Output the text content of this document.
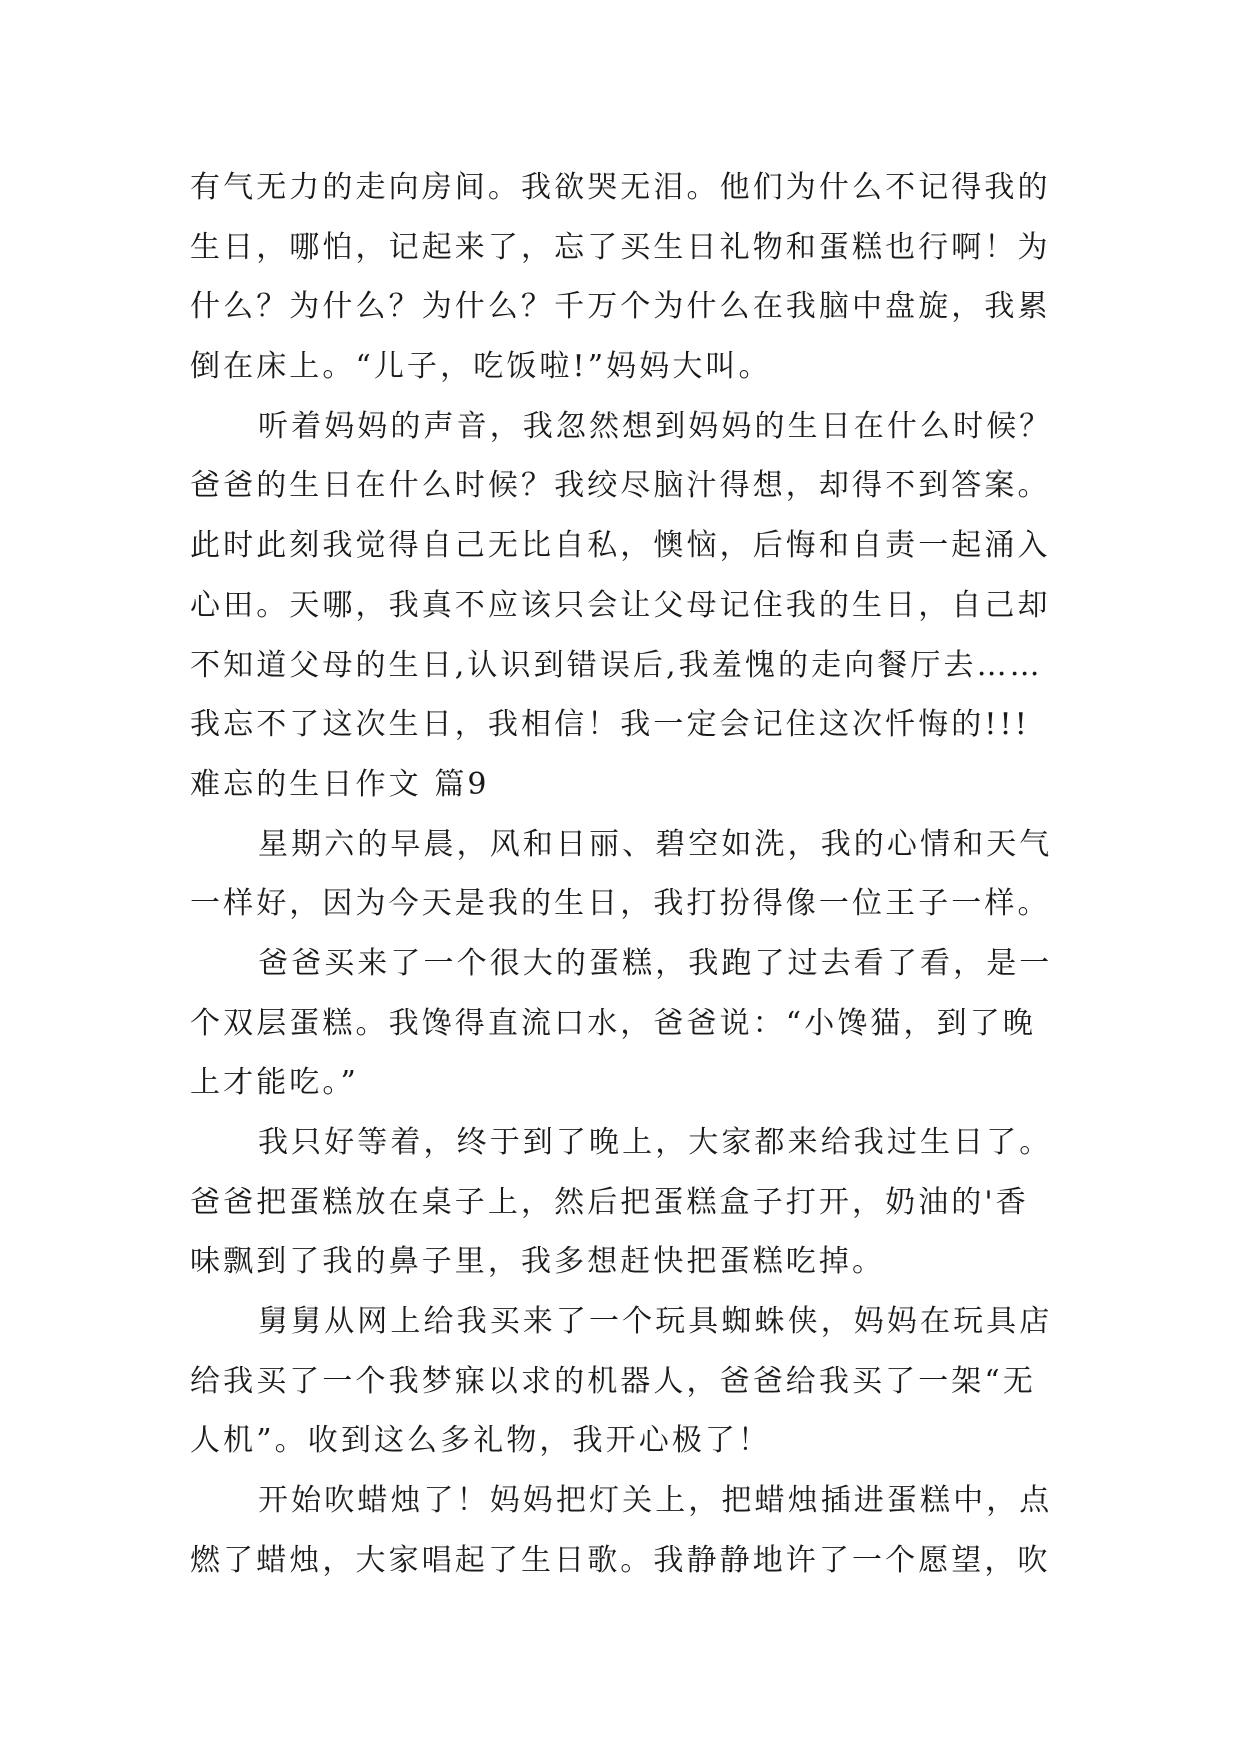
有气无力的走向房间。我欲哭无泪。他们为什么不记得我的
生日，哪怕，记起来了，忘了买生日礼物和蛋糕也行啊！为
什么？为什么？为什么？千万个为什么在我脑中盘旋，我累
倒在床上。“儿子，吃饭啦!”妈妈大叫。
听着妈妈的声音，我忽然想到妈妈的生日在什么时候？
爸爸的生日在什么时候？我绞尽脑汁得想，却得不到答案。
此时此刻我觉得自己无比自私，懊恼，后悔和自责一起涌入
心田。天哪，我真不应该只会让父母记住我的生日，自己却
不知道父母的生日,认识到错误后,我羞愧的走向餐厅去……
我忘不了这次生日，我相信！我一定会记住这次忏悔的!!!
难忘的生日作文 篇9
星期六的早晨，风和日丽、碧空如洗，我的心情和天气
一样好，因为今天是我的生日，我打扮得像一位王子一样。
爸爸买来了一个很大的蛋糕，我跑了过去看了看，是一
个双层蛋糕。我馋得直流口水，爸爸说：“小馋猫，到了晚
上才能吃。”
我只好等着，终于到了晚上，大家都来给我过生日了。
爸爸把蛋糕放在桌子上，然后把蛋糕盒子打开，奶油的'香
味飘到了我的鼻子里，我多想赶快把蛋糕吃掉。
舅舅从网上给我买来了一个玩具蜘蛛侠，妈妈在玩具店
给我买了一个我梦寐以求的机器人，爸爸给我买了一架“无
人机”。收到这么多礼物，我开心极了！
开始吹蜡烛了！妈妈把灯关上，把蜡烛插进蛋糕中，点
燃了蜡烛，大家唱起了生日歌。我静静地许了一个愿望，吹
